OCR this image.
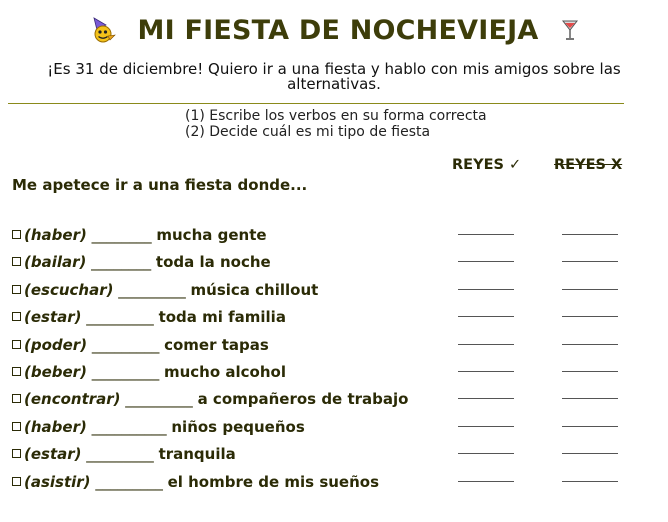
MI FIESTA DE NOCHEVIEJA
¡Es 31 de diciembre! Quiero ir a una fiesta y hablo con mis amigos sobre las alternativas.
(1) Escribe los verbos en su forma correcta
(2) Decide cuál es mi tipo de fiesta
REYES ✓ REYES X
Me apetece ir a una fiesta donde...
(haber) ________ mucha gente
(bailar) ________ toda la noche
(escuchar) _________ música chillout
(estar) _________ toda mi familia
(poder) _________ comer tapas
(beber) _________ mucho alcohol
(encontrar) _________ a compañeros de trabajo
(haber) __________ niños pequeños
(estar) _________ tranquila
(asistir) _________ el hombre de mis sueños
